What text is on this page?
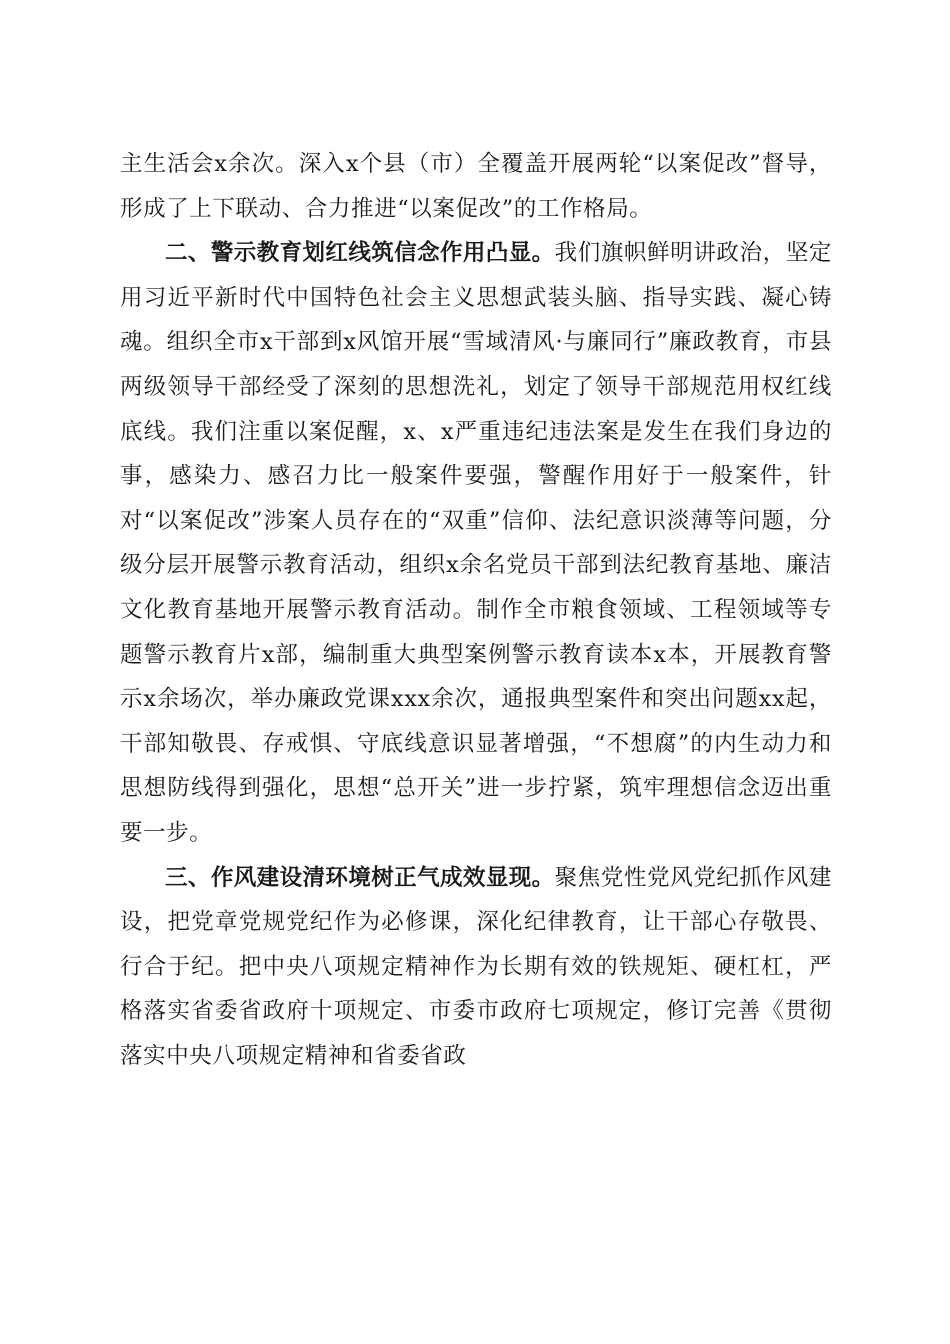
主生活会x余次。深入x个县（市）全覆盖开展两轮“以案促改”督导，形成了上下联动、合力推进“以案促改”的工作格局。

二、警示教育划红线筑信念作用凸显。我们旗帜鲜明讲政治，坚定用习近平新时代中国特色社会主义思想武装头脑、指导实践、凝心铸魂。组织全市x干部到x风馆开展“雪域清风·与廉同行”廉政教育，市县两级领导干部经受了深刻的思想洗礼，划定了领导干部规范用权红线底线。我们注重以案促醒，x、x严重违纪违法案是发生在我们身边的事，感染力、感召力比一般案件要强，警醒作用好于一般案件，针对“以案促改”涉案人员存在的“双重”信仰、法纪意识淡薄等问题，分级分层开展警示教育活动，组织x余名党员干部到法纪教育基地、廉洁文化教育基地开展警示教育活动。制作全市粮食领域、工程领域等专题警示教育片x部，编制重大典型案例警示教育读本x本，开展教育警示x余场次，举办廉政党课xxx余次，通报典型案件和突出问题xx起，干部知敬畏、存戒惧、守底线意识显著增强，“不想腐”的内生动力和思想防线得到强化，思想“总开关”进一步拧紧，筑牢理想信念迈出重要一步。

三、作风建设清环境树正气成效显现。聚焦党性党风党纪抓作风建设，把党章党规党纪作为必修课，深化纪律教育，让干部心存敬畏、行合于纪。把中央八项规定精神作为长期有效的铁规矩、硬杠杠，严格落实省委省政府十项规定、市委市政府七项规定，修订完善《贯彻落实中央八项规定精神和省委省政
